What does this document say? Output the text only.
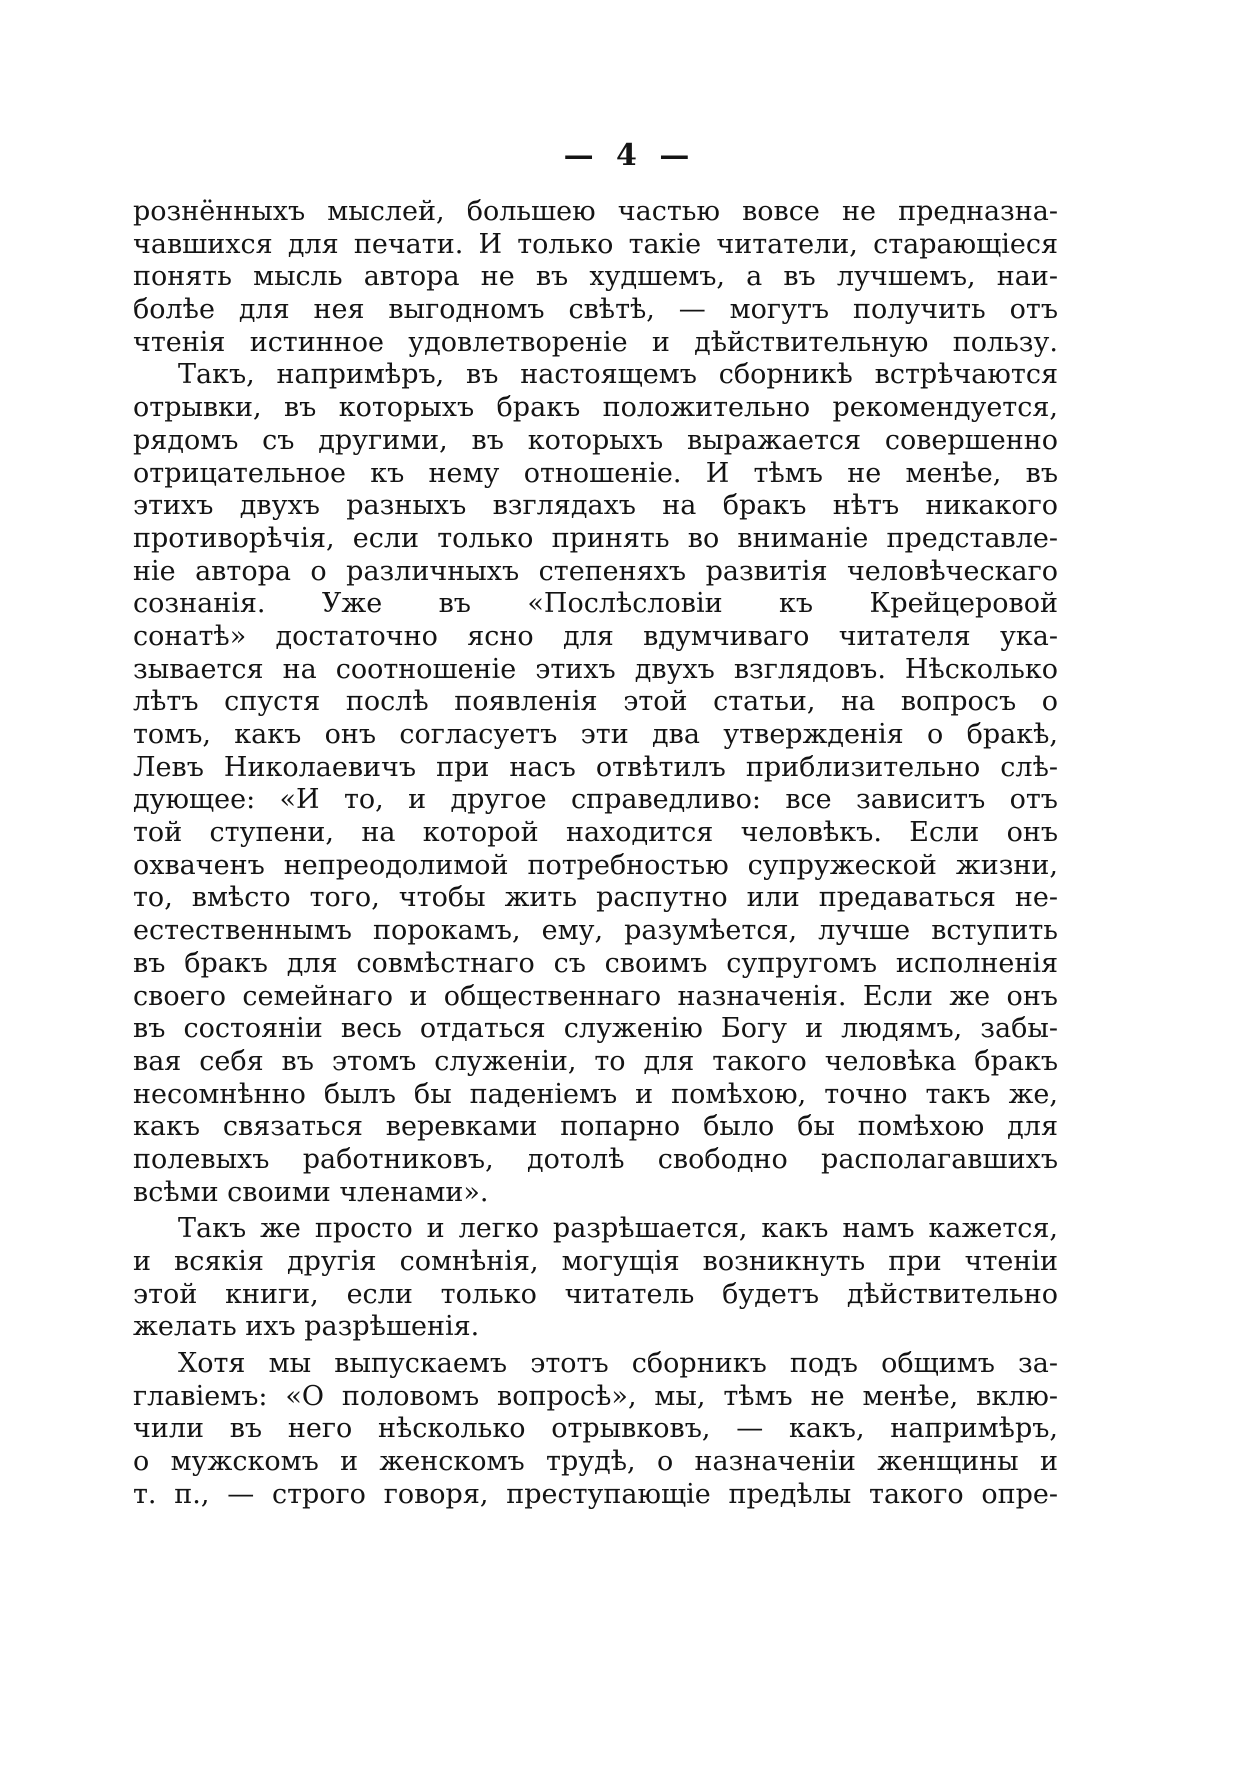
— 4 —
рознённыхъ мыслей, большею частью вовсе не предназна-
чавшихся для печати. И только такіе читатели, старающіеся
понять мысль автора не въ худшемъ, а въ лучшемъ, наи-
болѣе для нея выгодномъ свѣтѣ, — могутъ получить отъ
чтенія истинное удовлетвореніе и дѣйствительную пользу.
Такъ, напримѣръ, въ настоящемъ сборникѣ встрѣчаются
отрывки, въ которыхъ бракъ положительно рекомендуется,
рядомъ съ другими, въ которыхъ выражается совершенно
отрицательное къ нему отношеніе. И тѣмъ не менѣе, въ
этихъ двухъ разныхъ взглядахъ на бракъ нѣтъ никакого
противорѣчія, если только принять во вниманіе представле-
ніе автора о различныхъ степеняхъ развитія человѣческаго
сознанія. Уже въ «Послѣсловіи къ Крейцеровой
сонатѣ» достаточно ясно для вдумчиваго читателя ука-
зывается на соотношеніе этихъ двухъ взглядовъ. Нѣсколько
лѣтъ спустя послѣ появленія этой статьи, на вопросъ о
томъ, какъ онъ согласуетъ эти два утвержденія о бракѣ,
Левъ Николаевичъ при насъ отвѣтилъ приблизительно слѣ-
дующее: «И то, и другое справедливо: все зависитъ отъ
той ступени, на которой находится человѣкъ. Если онъ
охваченъ непреодолимой потребностью супружеской жизни,
то, вмѣсто того, чтобы жить распутно или предаваться не-
естественнымъ порокамъ, ему, разумѣется, лучше вступить
въ бракъ для совмѣстнаго съ своимъ супругомъ исполненія
своего семейнаго и общественнаго назначенія. Если же онъ
въ состояніи весь отдаться служенію Богу и людямъ, забы-
вая себя въ этомъ служеніи, то для такого человѣка бракъ
несомнѣнно былъ бы паденіемъ и помѣхою, точно такъ же,
какъ связаться веревками попарно было бы помѣхою для
полевыхъ работниковъ, дотолѣ свободно располагавшихъ
всѣми своими членами».
Такъ же просто и легко разрѣшается, какъ намъ кажется,
и всякія другія сомнѣнія, могущія возникнуть при чтеніи
этой книги, если только читатель будетъ дѣйствительно
желать ихъ разрѣшенія.
Хотя мы выпускаемъ этотъ сборникъ подъ общимъ за-
главіемъ: «О половомъ вопросѣ», мы, тѣмъ не менѣе, вклю-
чили въ него нѣсколько отрывковъ, — какъ, напримѣръ,
о мужскомъ и женскомъ трудѣ, о назначеніи женщины и
т. п., — строго говоря, преступающіе предѣлы такого опре-
